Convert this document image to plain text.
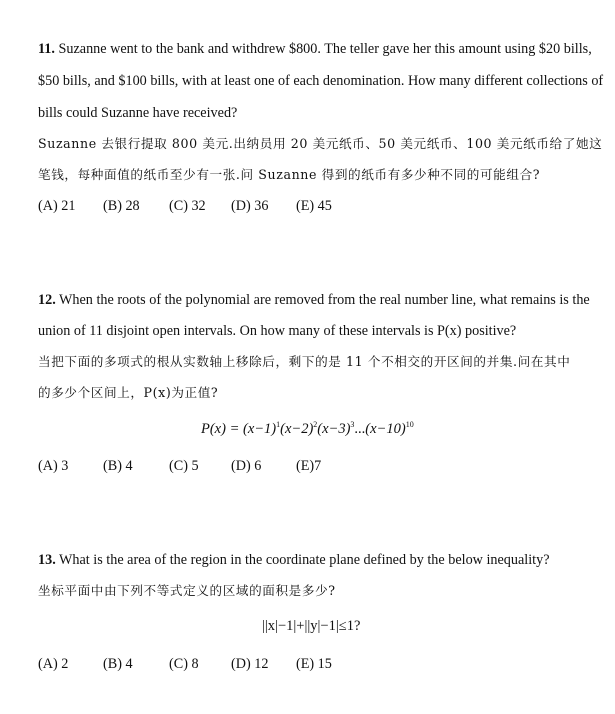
11. Suzanne went to the bank and withdrew $800. The teller gave her this amount using $20 bills,
$50 bills, and $100 bills, with at least one of each denomination. How many different collections of
bills could Suzanne have received?
Suzanne 去银行提取 800 美元.出纳员用 20 美元纸币、50 美元纸币、100 美元纸币给了她这
笔钱，每种面值的纸币至少有一张.问 Suzanne 得到的纸币有多少种不同的可能组合?
(A) 21 (B) 28 (C) 32 (D) 36 (E) 45
12. When the roots of the polynomial are removed from the real number line, what remains is the
union of 11 disjoint open intervals. On how many of these intervals is P(x) positive?
当把下面的多项式的根从实数轴上移除后，剩下的是 11 个不相交的开区间的并集.问在其中
的多少个区间上，P(x)为正值?
$P(x) = (x-1)^1(x-2)^2(x-3)^3...(x-10)^{10}$
(A) 3 (B) 4	(C) 5 (D) 6 (E)7
13. What is the area of the region in the coordinate plane defined by the below inequality?
坐标平面中由下列不等式定义的区域的面积是多少?
||x|−1|+||y|−1|≤1?
(A) 2 (B) 4	(C) 8 (D) 12 (E) 15
